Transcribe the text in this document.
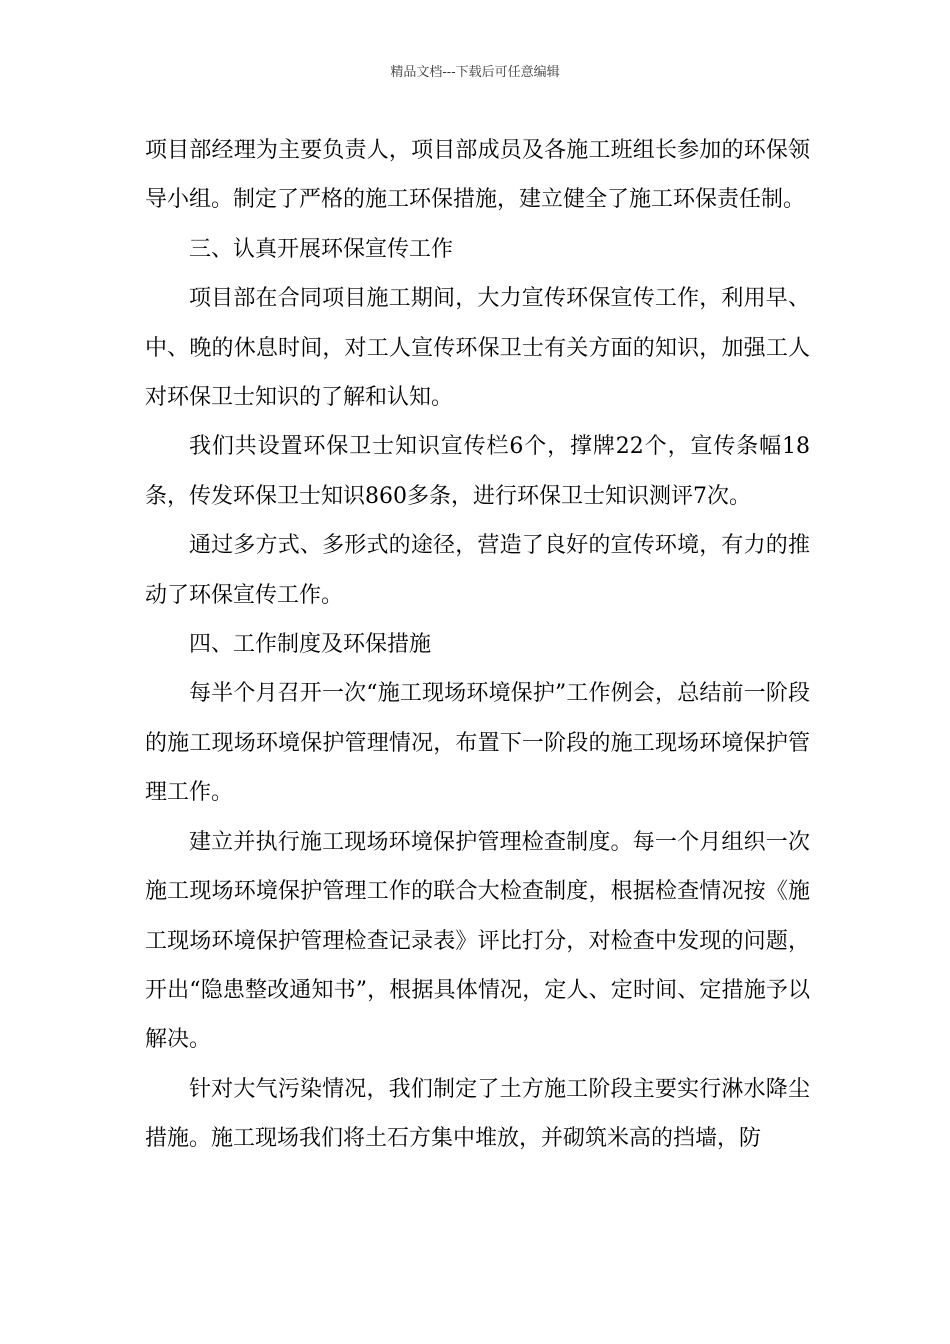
精品文档---下载后可任意编辑

项目部经理为主要负责人，项目部成员及各施工班组长参加的环保领导小组。制定了严格的施工环保措施，建立健全了施工环保责任制。

三、认真开展环保宣传工作

项目部在合同项目施工期间，大力宣传环保宣传工作，利用早、中、晚的休息时间，对工人宣传环保卫士有关方面的知识，加强工人对环保卫士知识的了解和认知。

我们共设置环保卫士知识宣传栏6个，撑牌22个，宣传条幅18条，传发环保卫士知识860多条，进行环保卫士知识测评7次。

通过多方式、多形式的途径，营造了良好的宣传环境，有力的推动了环保宣传工作。

四、工作制度及环保措施

每半个月召开一次“施工现场环境保护”工作例会，总结前一阶段的施工现场环境保护管理情况，布置下一阶段的施工现场环境保护管理工作。

建立并执行施工现场环境保护管理检查制度。每一个月组织一次施工现场环境保护管理工作的联合大检查制度，根据检查情况按《施工现场环境保护管理检查记录表》评比打分，对检查中发现的问题，开出“隐患整改通知书”，根据具体情况，定人、定时间、定措施予以解决。

针对大气污染情况，我们制定了土方施工阶段主要实行淋水降尘措施。施工现场我们将土石方集中堆放，并砌筑米高的挡墙，防
